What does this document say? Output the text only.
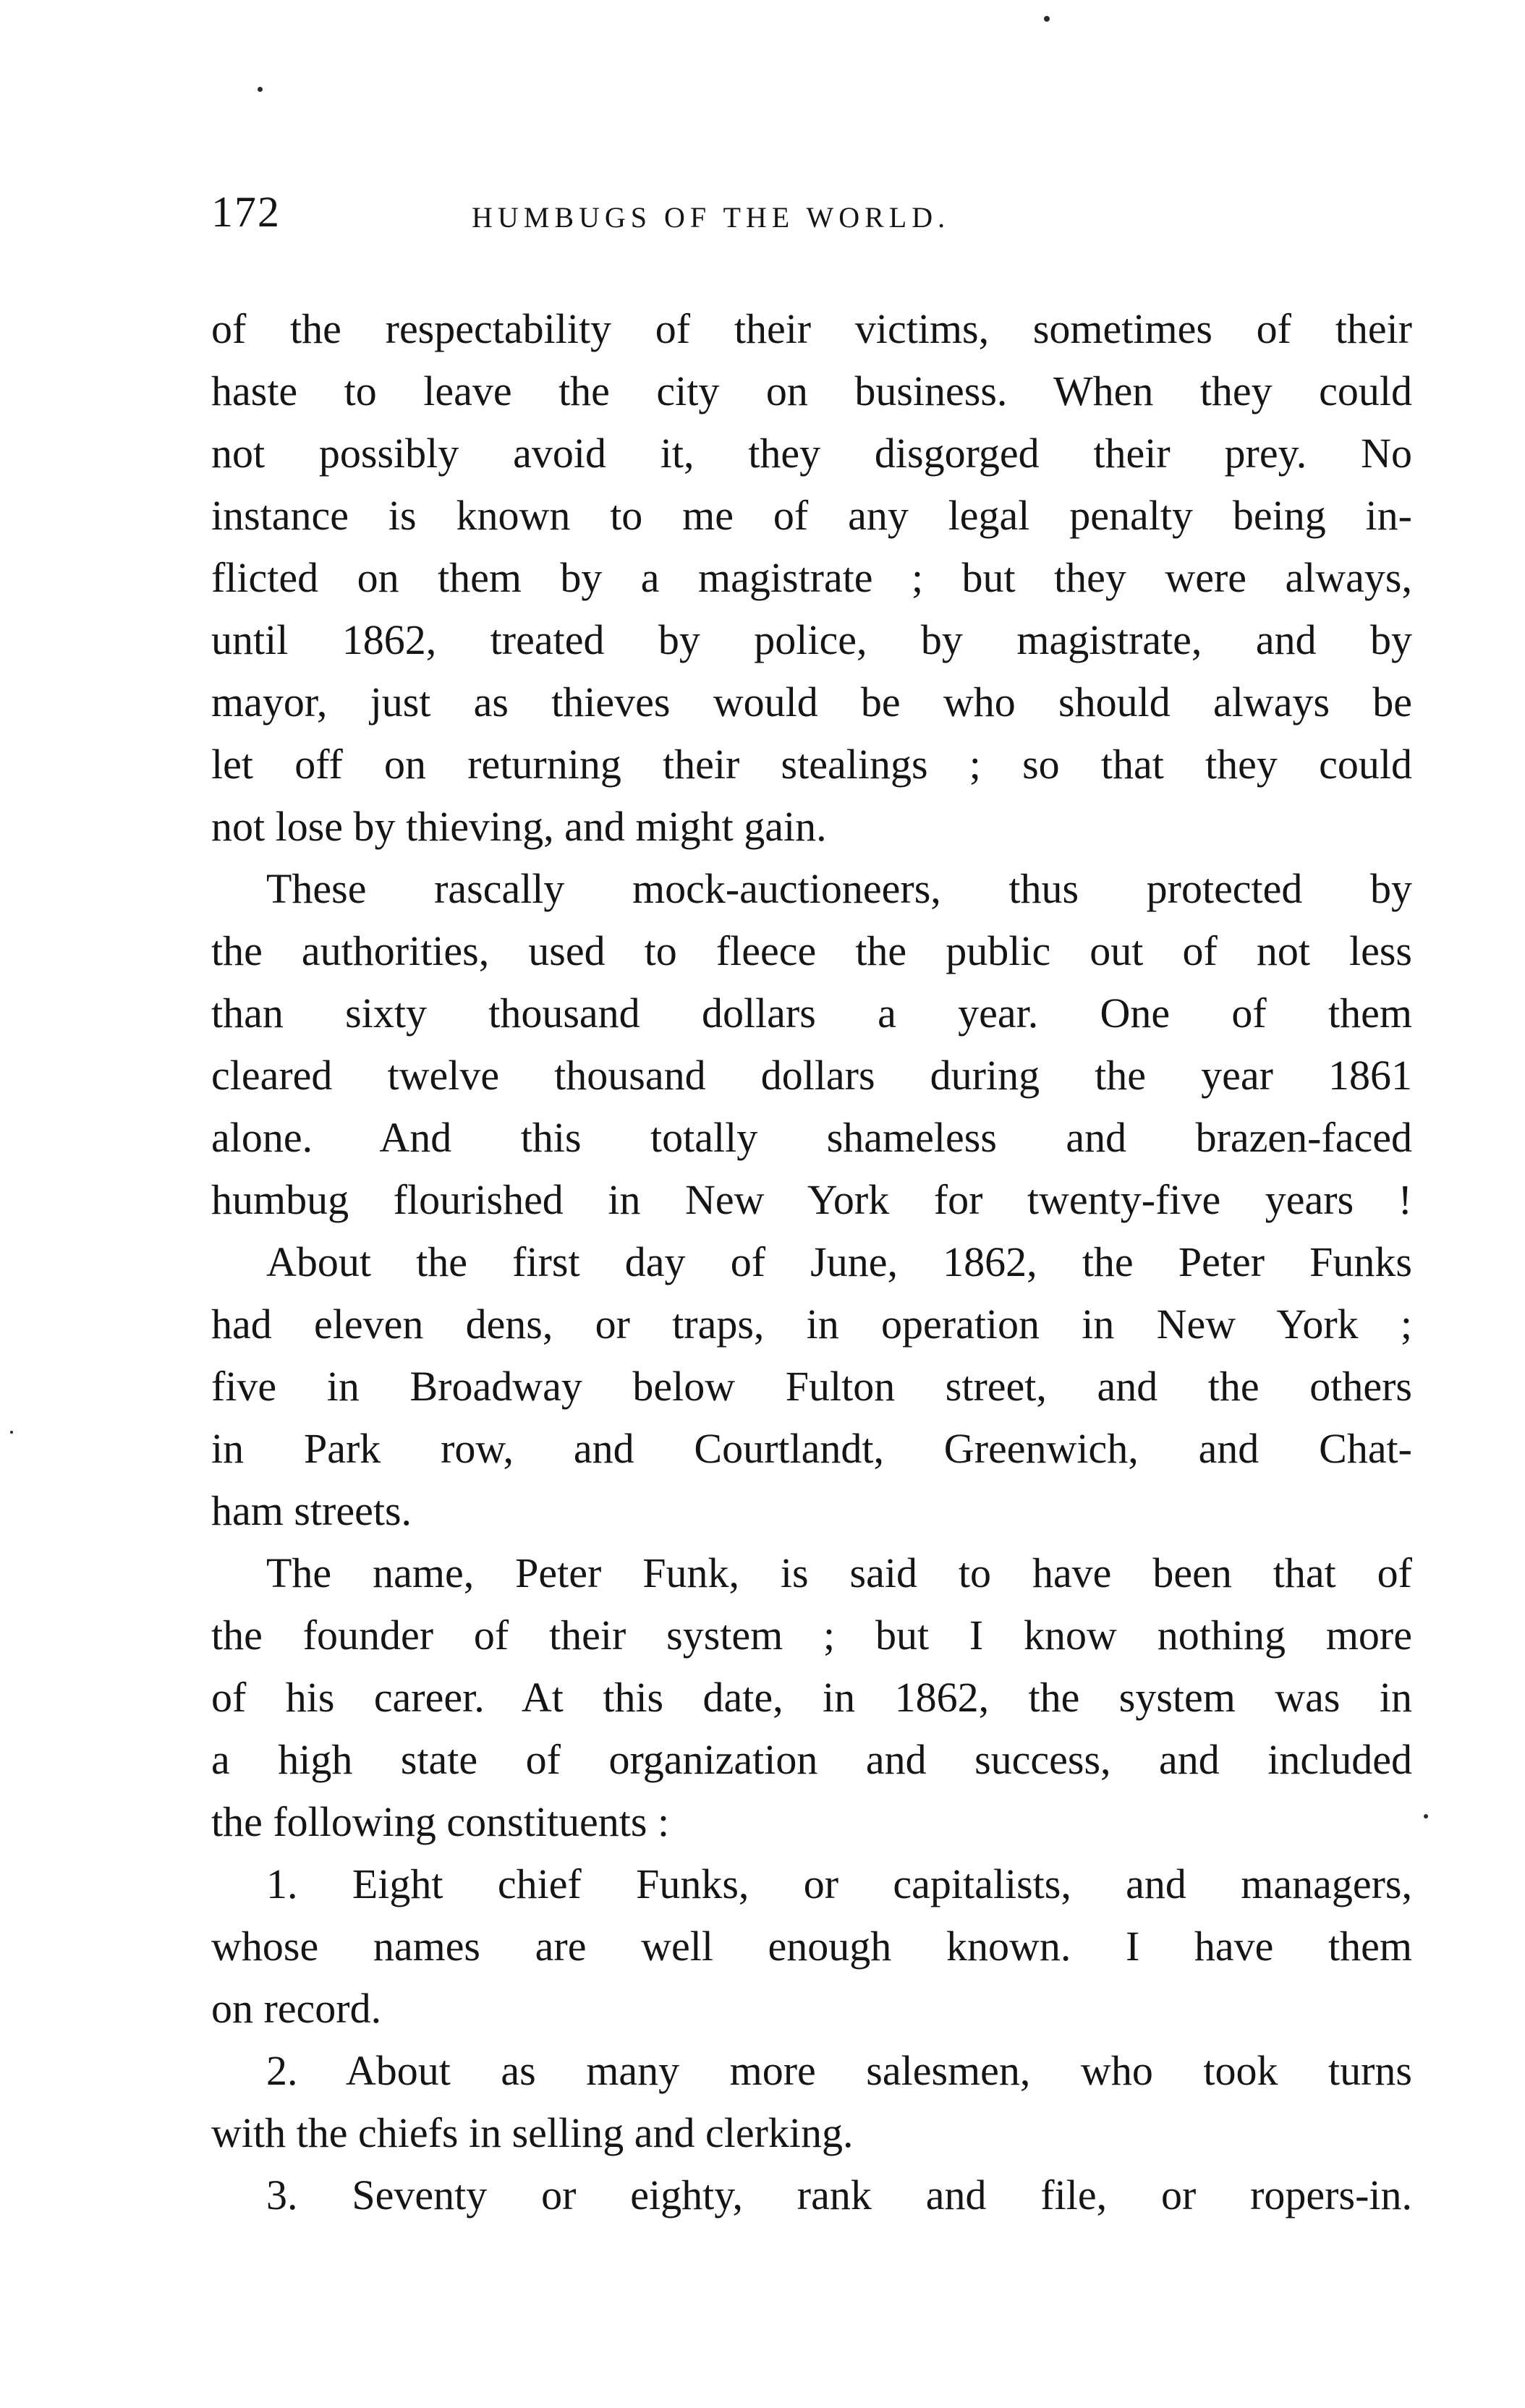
172	HUMBUGS OF THE WORLD.
of the respectability of their victims, sometimes of their
haste to leave the city on business. When they could
not possibly avoid it, they disgorged their prey. No
instance is known to me of any legal penalty being in-
flicted on them by a magistrate ; but they were always,
until 1862, treated by police, by magistrate, and by
mayor, just as thieves would be who should always be
let off on returning their stealings ; so that they could
not lose by thieving, and might gain.
These rascally mock-auctioneers, thus protected by
the authorities, used to fleece the public out of not less
than sixty thousand dollars a year. One of them
cleared twelve thousand dollars during the year 1861
alone. And this totally shameless and brazen-faced
humbug flourished in New York for twenty-five years !
About the first day of June, 1862, the Peter Funks
had eleven dens, or traps, in operation in New York ;
five in Broadway below Fulton street, and the others
in Park row, and Courtlandt, Greenwich, and Chat-
ham streets.
The name, Peter Funk, is said to have been that of
the founder of their system ; but I know nothing more
of his career. At this date, in 1862, the system was in
a high state of organization and success, and included
the following constituents :
1. Eight chief Funks, or capitalists, and managers,
whose names are well enough known. I have them
on record.
2. About as many more salesmen, who took turns
with the chiefs in selling and clerking.
3. Seventy or eighty, rank and file, or ropers-in.
